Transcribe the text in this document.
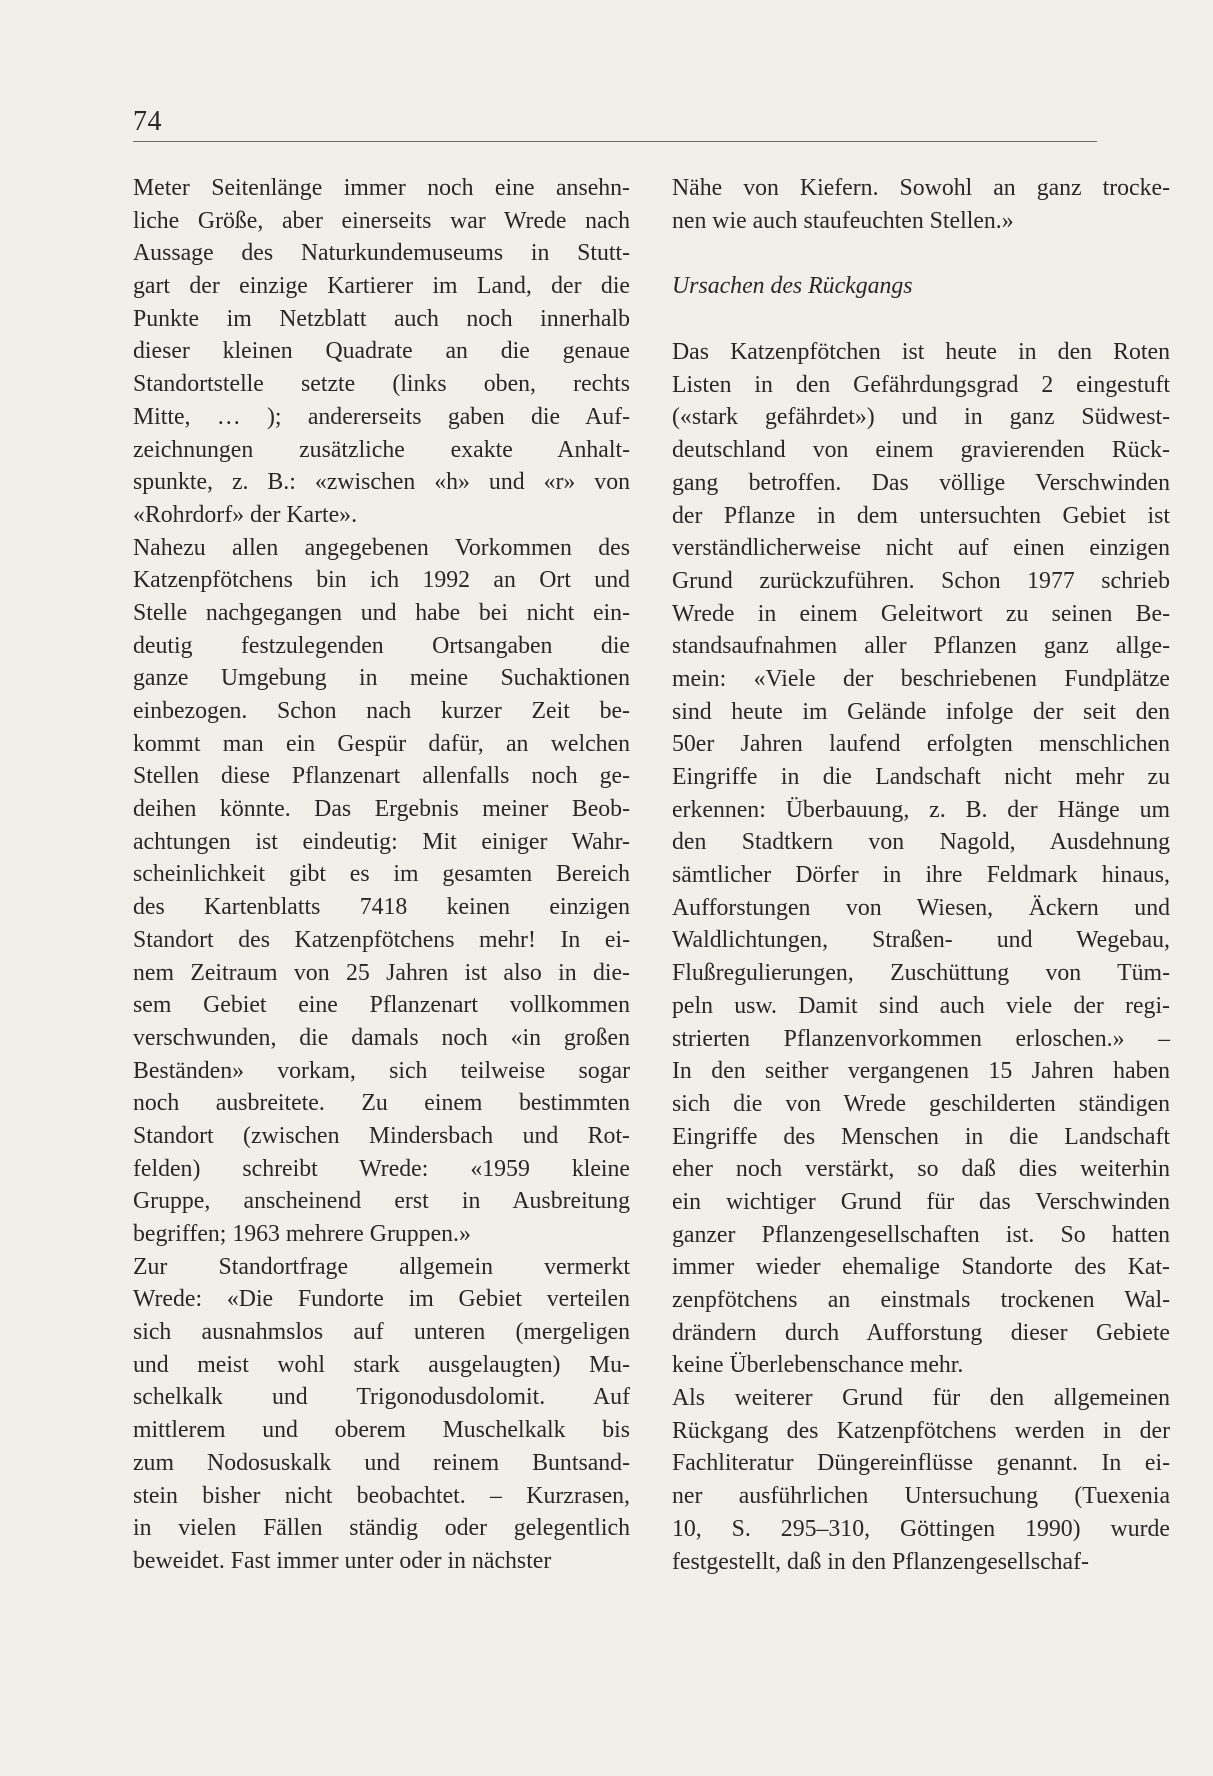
74
Meter Seitenlänge immer noch eine ansehn-
liche Größe, aber einerseits war Wrede nach
Aussage des Naturkundemuseums in Stutt-
gart der einzige Kartierer im Land, der die
Punkte im Netzblatt auch noch innerhalb
dieser kleinen Quadrate an die genaue
Standortstelle setzte (links oben, rechts
Mitte, … ); andererseits gaben die Auf-
zeichnungen zusätzliche exakte Anhalt-
spunkte, z. B.: «zwischen «h» und «r» von
«Rohrdorf» der Karte».
Nahezu allen angegebenen Vorkommen des
Katzenpfötchens bin ich 1992 an Ort und
Stelle nachgegangen und habe bei nicht ein-
deutig festzulegenden Ortsangaben die
ganze Umgebung in meine Suchaktionen
einbezogen. Schon nach kurzer Zeit be-
kommt man ein Gespür dafür, an welchen
Stellen diese Pflanzenart allenfalls noch ge-
deihen könnte. Das Ergebnis meiner Beob-
achtungen ist eindeutig: Mit einiger Wahr-
scheinlichkeit gibt es im gesamten Bereich
des Kartenblatts 7418 keinen einzigen
Standort des Katzenpfötchens mehr! In ei-
nem Zeitraum von 25 Jahren ist also in die-
sem Gebiet eine Pflanzenart vollkommen
verschwunden, die damals noch «in großen
Beständen» vorkam, sich teilweise sogar
noch ausbreitete. Zu einem bestimmten
Standort (zwischen Mindersbach und Rot-
felden) schreibt Wrede: «1959 kleine
Gruppe, anscheinend erst in Ausbreitung
begriffen; 1963 mehrere Gruppen.»
Zur Standortfrage allgemein vermerkt
Wrede: «Die Fundorte im Gebiet verteilen
sich ausnahmslos auf unteren (mergeligen
und meist wohl stark ausgelaugten) Mu-
schelkalk und Trigonodusdolomit. Auf
mittlerem und oberem Muschelkalk bis
zum Nodosuskalk und reinem Buntsand-
stein bisher nicht beobachtet. – Kurzrasen,
in vielen Fällen ständig oder gelegentlich
beweidet. Fast immer unter oder in nächster
Nähe von Kiefern. Sowohl an ganz trocke-
nen wie auch staufeuchten Stellen.»
Ursachen des Rückgangs
Das Katzenpfötchen ist heute in den Roten
Listen in den Gefährdungsgrad 2 eingestuft
(«stark gefährdet») und in ganz Südwest-
deutschland von einem gravierenden Rück-
gang betroffen. Das völlige Verschwinden
der Pflanze in dem untersuchten Gebiet ist
verständlicherweise nicht auf einen einzigen
Grund zurückzuführen. Schon 1977 schrieb
Wrede in einem Geleitwort zu seinen Be-
standsaufnahmen aller Pflanzen ganz allge-
mein: «Viele der beschriebenen Fundplätze
sind heute im Gelände infolge der seit den
50er Jahren laufend erfolgten menschlichen
Eingriffe in die Landschaft nicht mehr zu
erkennen: Überbauung, z. B. der Hänge um
den Stadtkern von Nagold, Ausdehnung
sämtlicher Dörfer in ihre Feldmark hinaus,
Aufforstungen von Wiesen, Äckern und
Waldlichtungen, Straßen- und Wegebau,
Flußregulierungen, Zuschüttung von Tüm-
peln usw. Damit sind auch viele der regi-
strierten Pflanzenvorkommen erloschen.» –
In den seither vergangenen 15 Jahren haben
sich die von Wrede geschilderten ständigen
Eingriffe des Menschen in die Landschaft
eher noch verstärkt, so daß dies weiterhin
ein wichtiger Grund für das Verschwinden
ganzer Pflanzengesellschaften ist. So hatten
immer wieder ehemalige Standorte des Kat-
zenpfötchens an einstmals trockenen Wal-
drändern durch Aufforstung dieser Gebiete
keine Überlebenschance mehr.
Als weiterer Grund für den allgemeinen
Rückgang des Katzenpfötchens werden in der
Fachliteratur Düngereinflüsse genannt. In ei-
ner ausführlichen Untersuchung (Tuexenia
10, S. 295–310, Göttingen 1990) wurde
festgestellt, daß in den Pflanzengesellschaf-
